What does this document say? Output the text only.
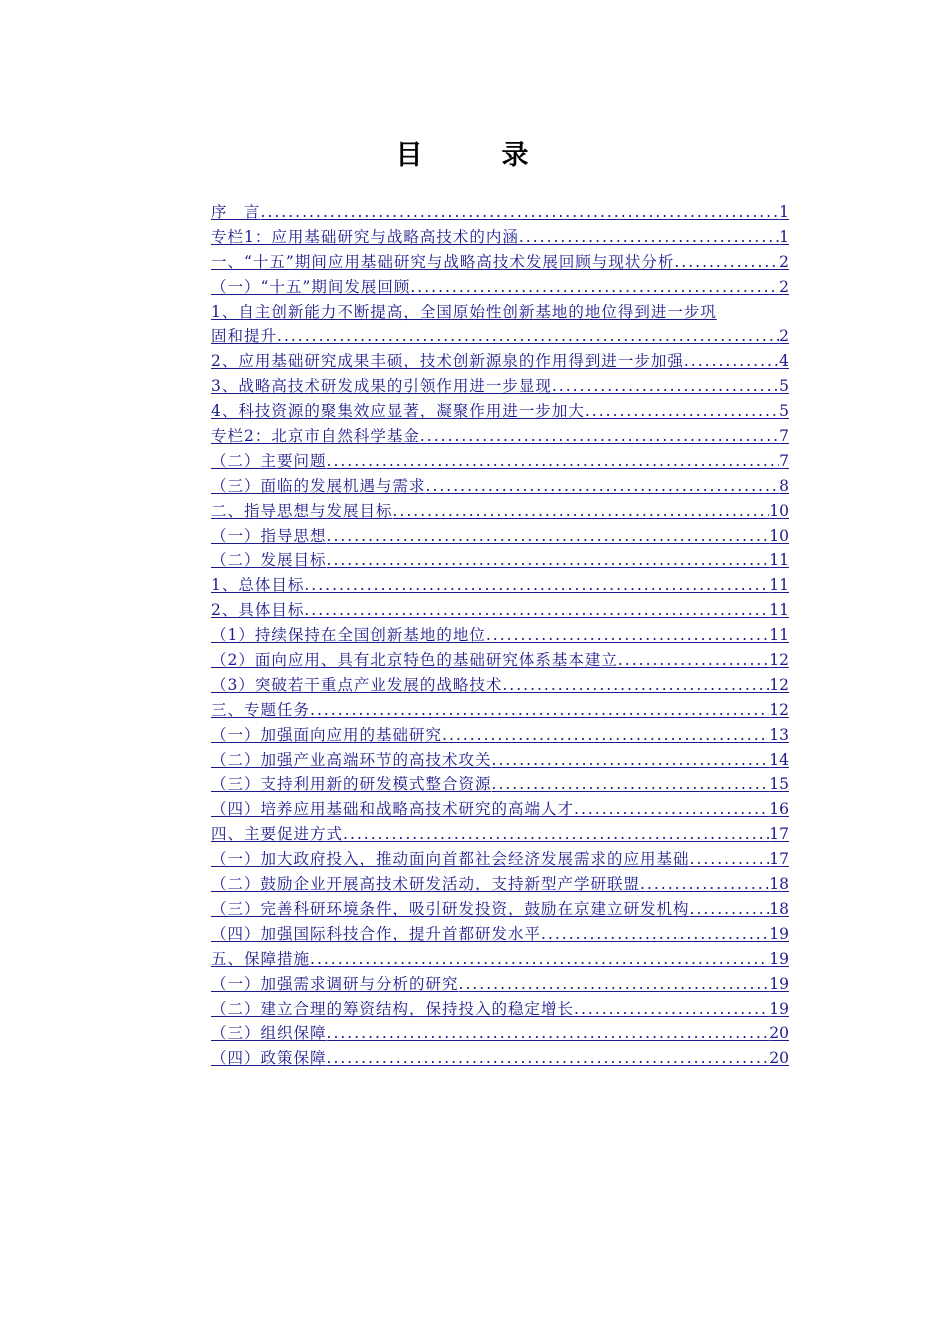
目　录
序　言 .....	1
专栏1：应用基础研究与战略高技术的内涵 .....	1
一、“十五”期间应用基础研究与战略高技术发展回顾与现状分析 .....	2
（一）“十五”期间发展回顾 .....	2
1、自主创新能力不断提高，全国原始性创新基地的地位得到进一步巩
固和提升 .....	2
2、应用基础研究成果丰硕，技术创新源泉的作用得到进一步加强 .....	4
3、战略高技术研发成果的引领作用进一步显现 .....	5
4、科技资源的聚集效应显著，凝聚作用进一步加大 .....	5
专栏2：北京市自然科学基金 .....	7
（二）主要问题 .....	7
（三）面临的发展机遇与需求 .....	8
二、指导思想与发展目标 .....	10
（一）指导思想 .....	10
（二）发展目标 .....	11
1、总体目标 .....	11
2、具体目标 .....	11
（1）持续保持在全国创新基地的地位 .....	11
（2）面向应用、具有北京特色的基础研究体系基本建立 .....	12
（3）突破若干重点产业发展的战略技术 .....	12
三、专题任务 .....	12
（一）加强面向应用的基础研究 .....	13
（二）加强产业高端环节的高技术攻关 .....	14
（三）支持利用新的研发模式整合资源 .....	15
（四）培养应用基础和战略高技术研究的高端人才 .....	16
四、主要促进方式 .....	17
（一）加大政府投入，推动面向首都社会经济发展需求的应用基础 .....	17
（二）鼓励企业开展高技术研发活动，支持新型产学研联盟 .....	18
（三）完善科研环境条件，吸引研发投资，鼓励在京建立研发机构 .....	18
（四）加强国际科技合作，提升首都研发水平 .....	19
五、保障措施 .....	19
（一）加强需求调研与分析的研究 .....	19
（二）建立合理的筹资结构，保持投入的稳定增长 .....	19
（三）组织保障 .....	20
（四）政策保障 .....	20
